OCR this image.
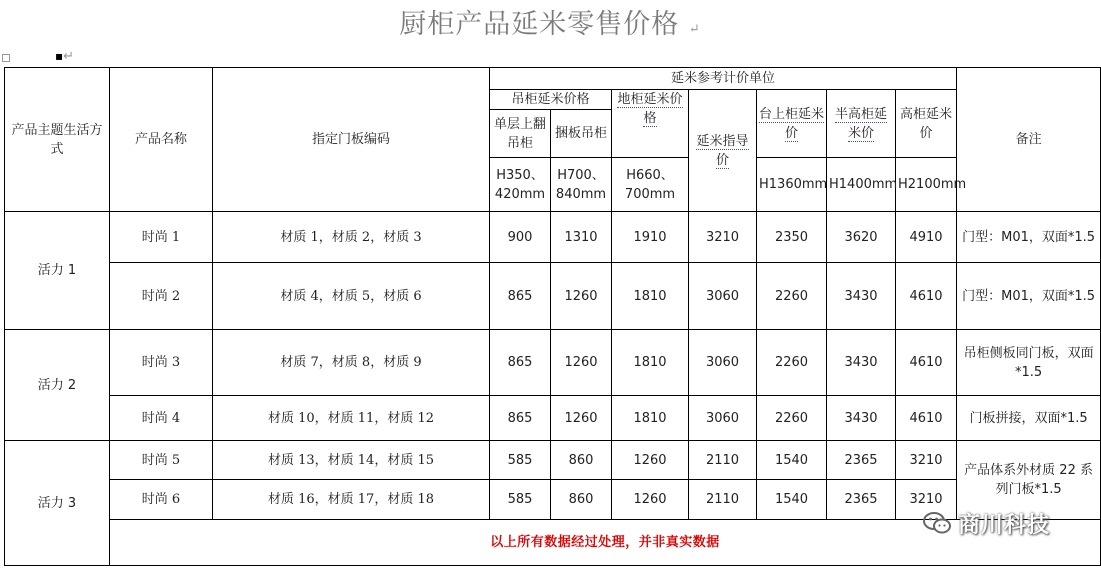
厨柜产品延米零售价格 ↵
▪↵
产品主题生活方式	产品名称	指定门板编码	延米参考计价单位							备注
			吊柜延米价格		地柜延米价格	延米指导价	台上柜延米价	半高柜延米价	高柜延米价	
			单层上翻吊柜	捆板吊柜						
			H350、420mm	H700、840mm	H660、700mm		H1360mm	H1400mm	H2100mm	
活力 1	时尚 1	材质 1，材质 2，材质 3	900	1310	1910	3210	2350	3620	4910	门型：M01，双面*1.5
	时尚 2	材质 4，材质 5，材质 6	865	1260	1810	3060	2260	3430	4610	门型：M01，双面*1.5
活力 2	时尚 3	材质 7，材质 8，材质 9	865	1260	1810	3060	2260	3430	4610	吊柜侧板同门板，双面*1.5
	时尚 4	材质 10，材质 11，材质 12	865	1260	1810	3060	2260	3430	4610	门板拼接，双面*1.5
活力 3	时尚 5	材质 13，材质 14，材质 15	585	860	1260	2110	1540	2365	3210	产品体系外材质 22 系列门板*1.5
	时尚 6	材质 16，材质 17，材质 18	585	860	1260	2110	1540	2365	3210	
	以上所有数据经过处理，并非真实数据									
商川科技
